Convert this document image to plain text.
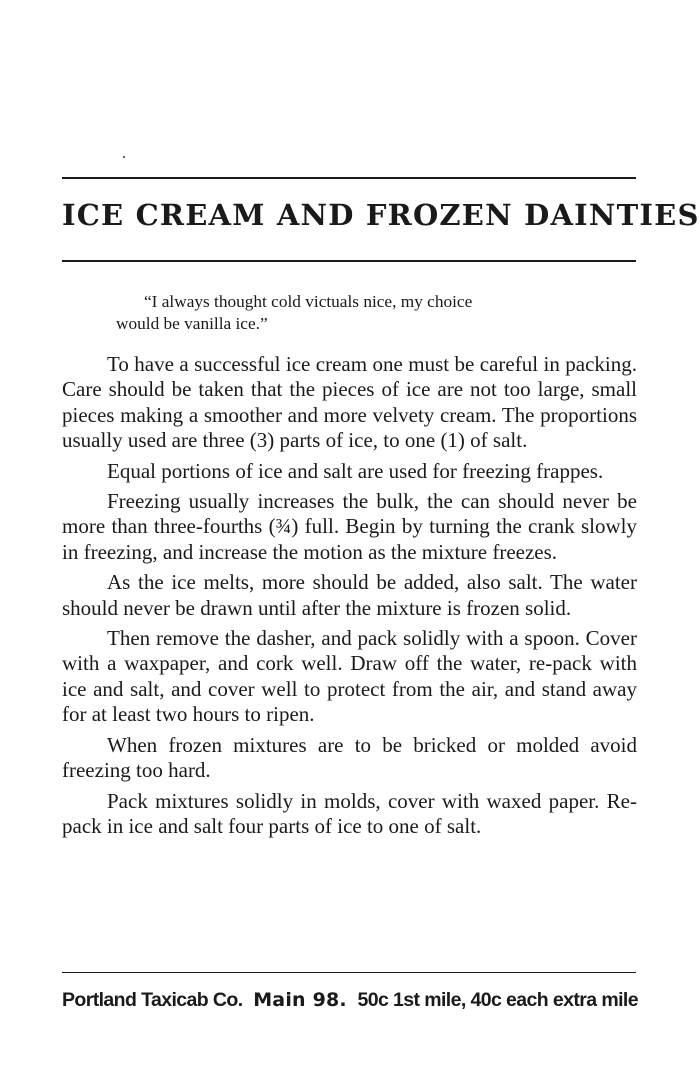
ICE CREAM AND FROZEN DAINTIES
“I always thought cold victuals nice, my choice
would be vanilla ice.”

To have a successful ice cream one must be careful in packing. Care should be taken that the pieces of ice are not too large, small pieces making a smoother and more velvety cream. The proportions usually used are three (3) parts of ice, to one (1) of salt.

Equal portions of ice and salt are used for freezing frappes.

Freezing usually increases the bulk, the can should never be more than three-fourths (¾) full. Begin by turning the crank slowly in freezing, and increase the motion as the mixture freezes.

As the ice melts, more should be added, also salt. The water should never be drawn until after the mixture is frozen solid.

Then remove the dasher, and pack solidly with a spoon. Cover with a waxpaper, and cork well. Draw off the water, re-pack with ice and salt, and cover well to protect from the air, and stand away for at least two hours to ripen.

When frozen mixtures are to be bricked or molded avoid freezing too hard.

Pack mixtures solidly in molds, cover with waxed paper. Re-pack in ice and salt four parts of ice to one of salt.

Portland Taxicab Co. Main 98. 50c 1st mile, 40c each extra mile
